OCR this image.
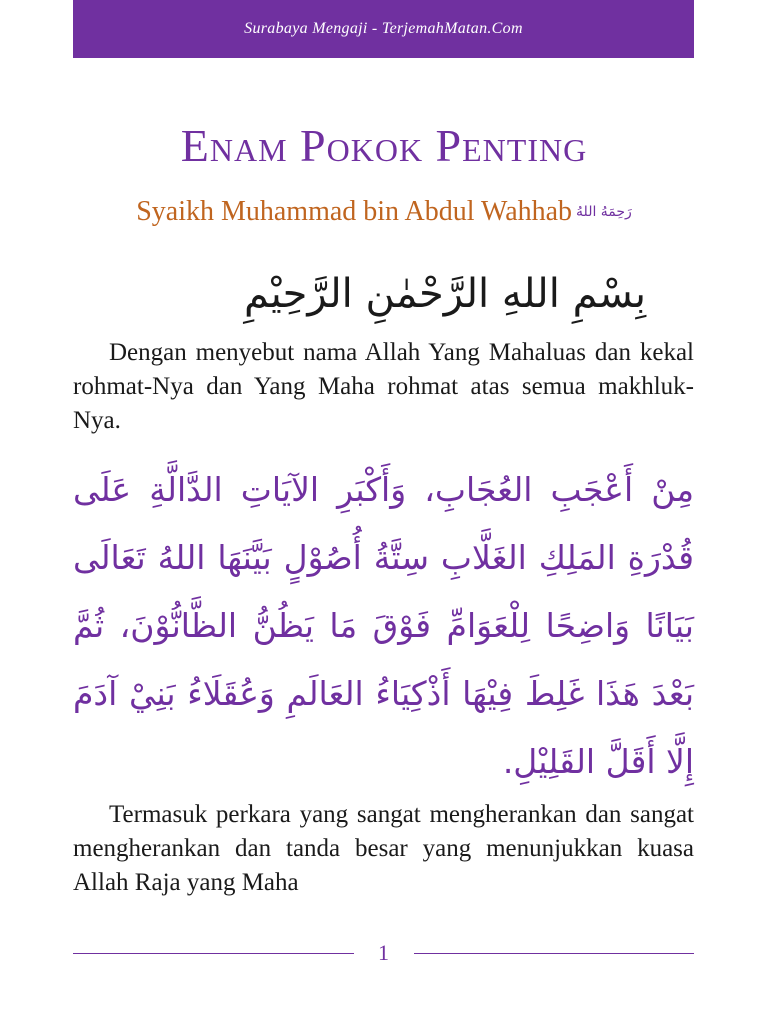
Surabaya Mengaji - TerjemahMatan.Com
Enam Pokok Penting
Syaikh Muhammad bin Abdul Wahhab رَحِمَهُ اللهُ
بِسْمِ اللهِ الرَّحْمٰنِ الرَّحِيْمِ
Dengan menyebut nama Allah Yang Mahaluas dan kekal rohmat-Nya dan Yang Maha rohmat atas semua makhluk-Nya.
مِنْ أَعْجَبِ العُجَابِ، وَأَكْبَرِ الآيَاتِ الدَّالَّةِ عَلَى قُدْرَةِ المَلِكِ الغَلَّابِ سِتَّةُ أُصُوْلٍ بَيَّنَهَا اللهُ تَعَالَى بَيَانًا وَاضِحًا لِلْعَوَامِّ فَوْقَ مَا يَظُنُّ الظَّانُّوْنَ، ثُمَّ بَعْدَ هَذَا غَلِطَ فِيْهَا أَذْكِيَاءُ العَالَمِ وَعُقَلَاءُ بَنِيْ آدَمَ إِلَّا أَقَلَّ القَلِيْلِ.
Termasuk perkara yang sangat mengherankan dan sangat mengherankan dan tanda besar yang menunjukkan kuasa Allah Raja yang Maha
1
